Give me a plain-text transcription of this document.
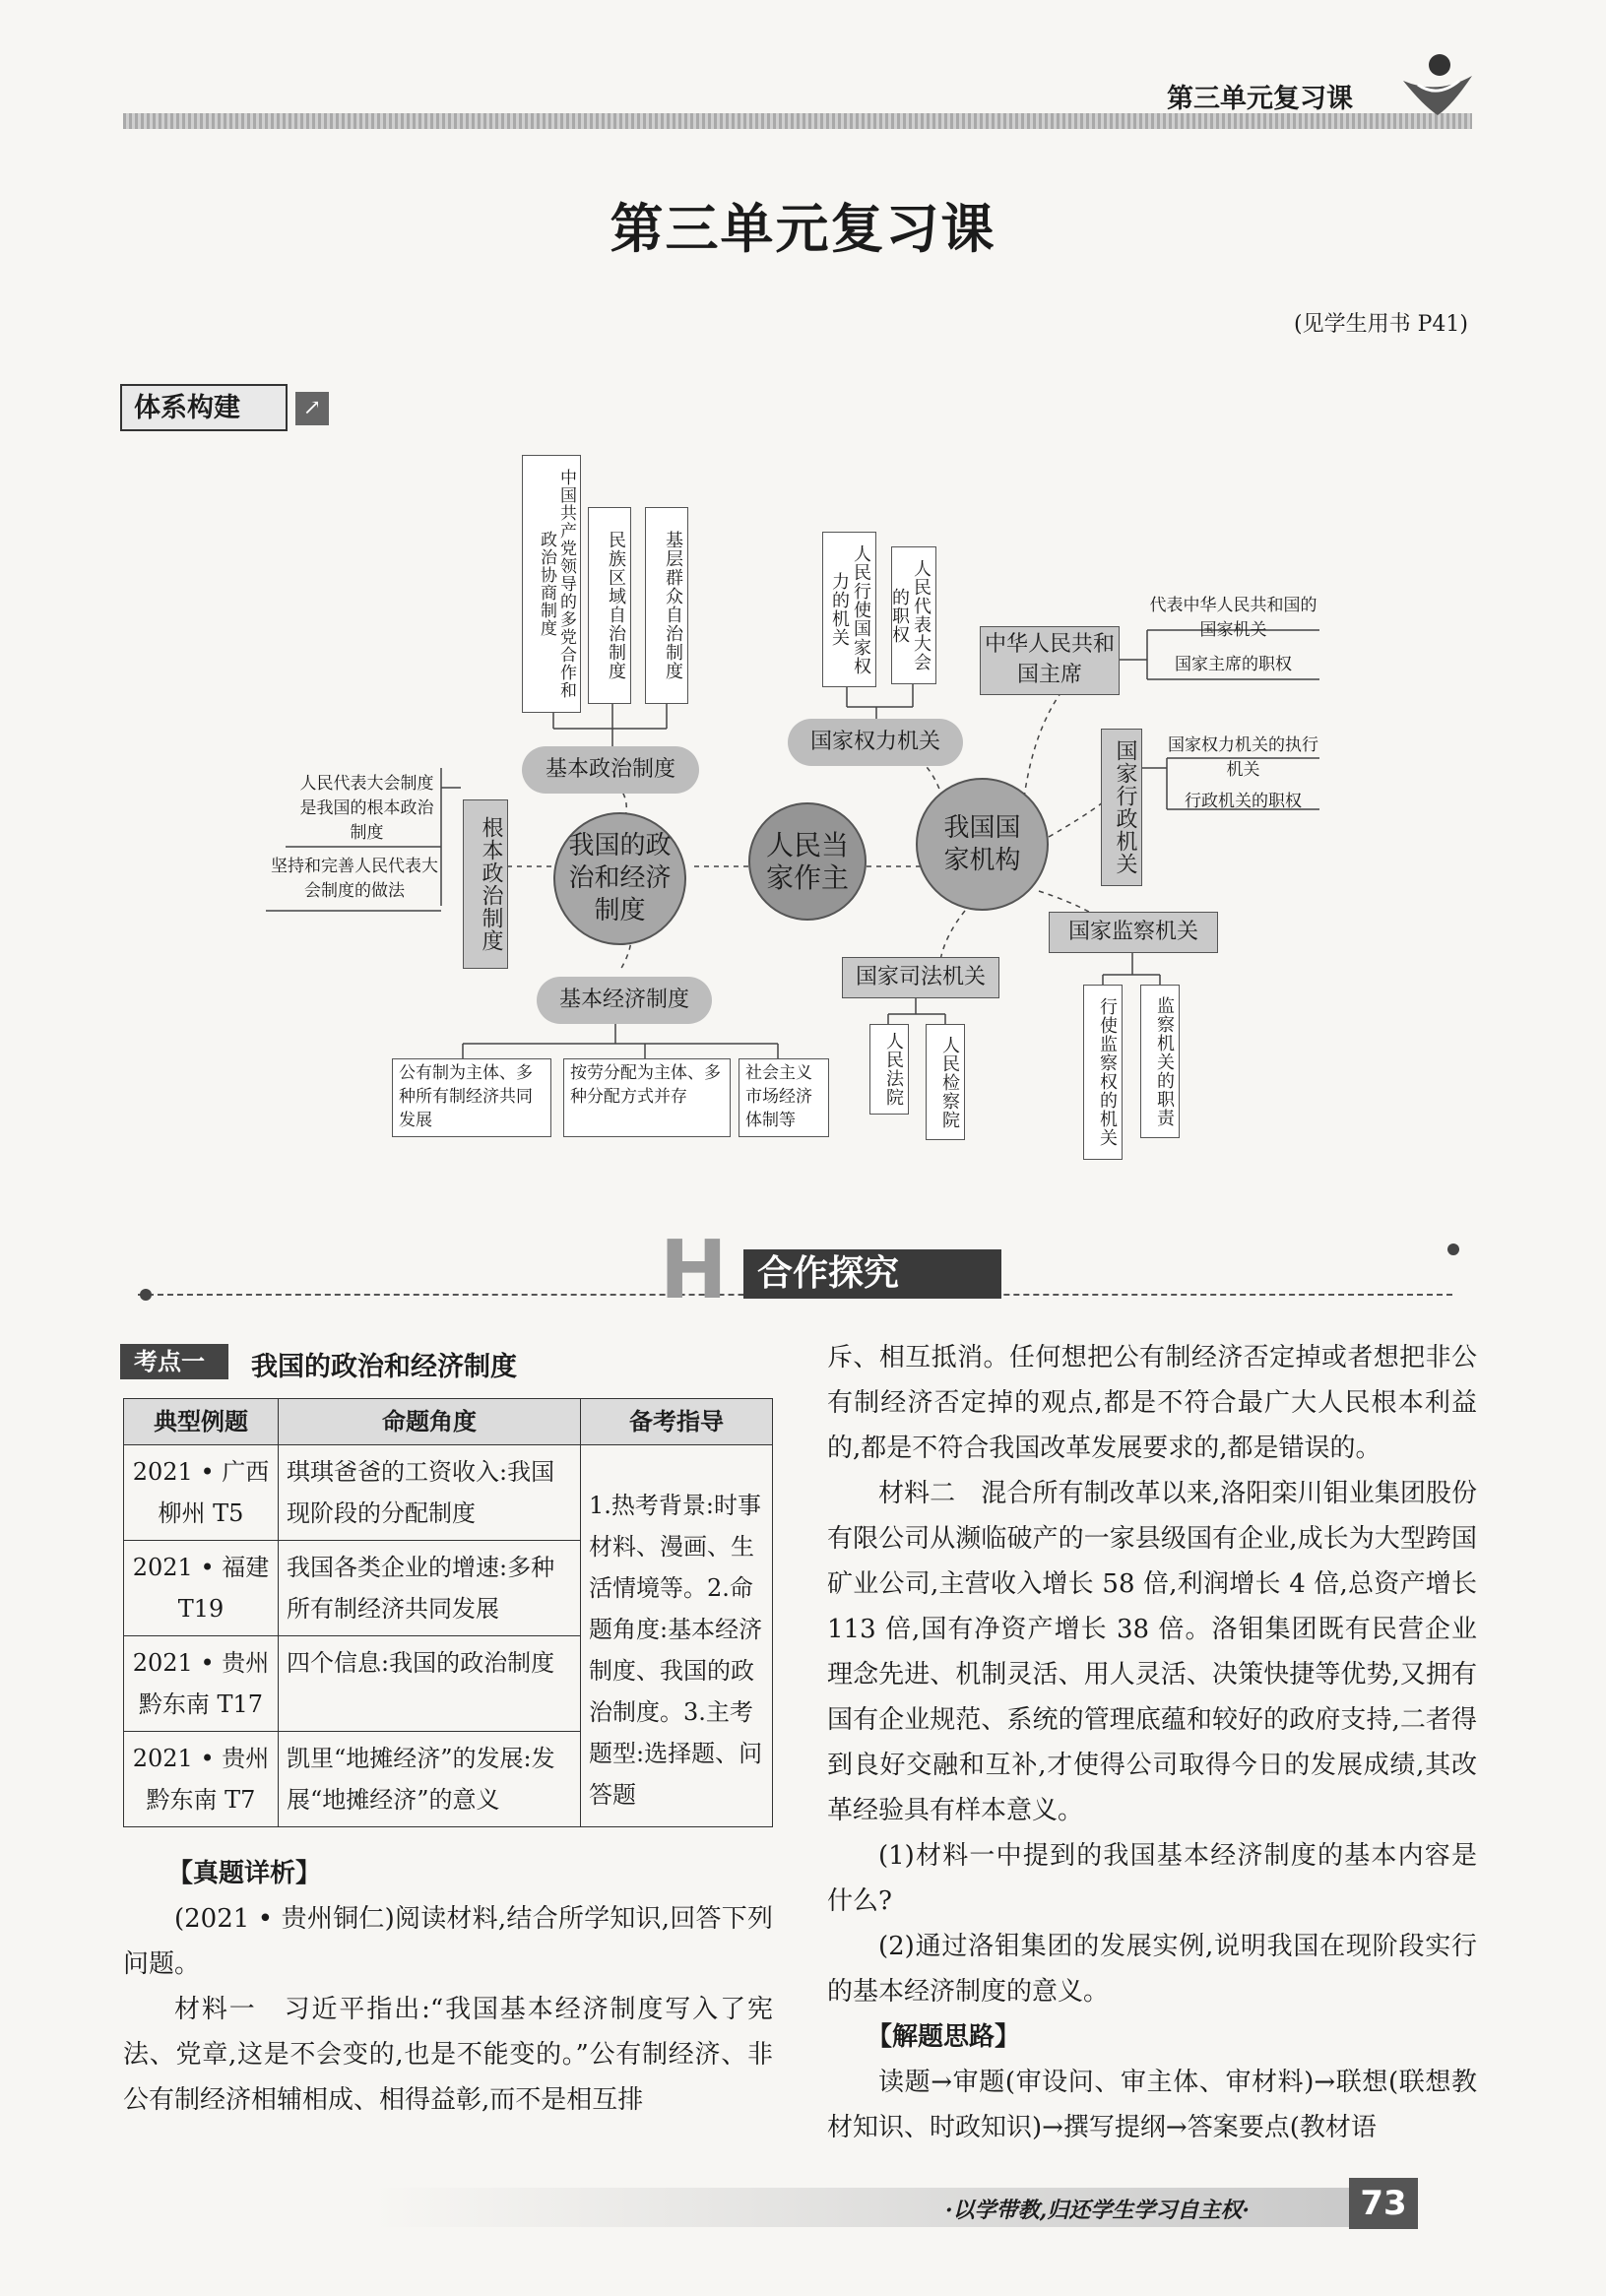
第三单元复习课
第三单元复习课
(见学生用书 P41)
体系构建	↗
中国共产党领导的多党合作和政治协商制度	民族区域自治制度	基层群众自治制度
基本政治制度
根本政治制度
人民代表大会制度是我国的根本政治制度
坚持和完善人民代表大会制度的做法
我国的政治和经济制度
人民当家作主
我国国家机构
基本经济制度
公有制为主体、多种所有制经济共同发展
按劳分配为主体、多种分配方式并存
社会主义市场经济体制等
人民行使国家权力的机关	人民代表大会的职权
国家权力机关
中华人民共和国主席
代表中华人民共和国的国家机关
国家主席的职权
国家行政机关 国家权力机关的执行机关
行政机关的职权
国家监察机关
行使监察权的机关	监察机关的职责
国家司法机关
人民法院	人民检察院
H 合作探究
考点一	我国的政治和经济制度
典型例题	命题角度	备考指导
2021 • 广西柳州 T5	琪琪爸爸的工资收入:我国现阶段的分配制度	1.热考背景:时事材料、漫画、生活情境等。2.命题角度:基本经济制度、我国的政治制度。3.主考题型:选择题、问答题
2021 • 福建 T19	我国各类企业的增速:多种所有制经济共同发展	
2021 • 贵州黔东南 T17	四个信息:我国的政治制度	
2021 • 贵州黔东南 T7	凯里“地摊经济”的发展:发展“地摊经济”的意义	
【真题详析】
(2021 • 贵州铜仁)阅读材料,结合所学知识,回答下列问题。
材料一　习近平指出:“我国基本经济制度写入了宪法、党章,这是不会变的,也是不能变的。”公有制经济、非公有制经济相辅相成、相得益彰,而不是相互排
斥、相互抵消。任何想把公有制经济否定掉或者想把非公有制经济否定掉的观点,都是不符合最广大人民根本利益的,都是不符合我国改革发展要求的,都是错误的。
材料二　混合所有制改革以来,洛阳栾川钼业集团股份有限公司从濒临破产的一家县级国有企业,成长为大型跨国矿业公司,主营收入增长 58 倍,利润增长 4 倍,总资产增长 113 倍,国有净资产增长 38 倍。洛钼集团既有民营企业理念先进、机制灵活、用人灵活、决策快捷等优势,又拥有国有企业规范、系统的管理底蕴和较好的政府支持,二者得到良好交融和互补,才使得公司取得今日的发展成绩,其改革经验具有样本意义。
(1)材料一中提到的我国基本经济制度的基本内容是什么?
(2)通过洛钼集团的发展实例,说明我国在现阶段实行的基本经济制度的意义。
【解题思路】
读题→审题(审设问、审主体、审材料)→联想(联想教材知识、时政知识)→撰写提纲→答案要点(教材语
·以学带教,归还学生学习自主权·	73
